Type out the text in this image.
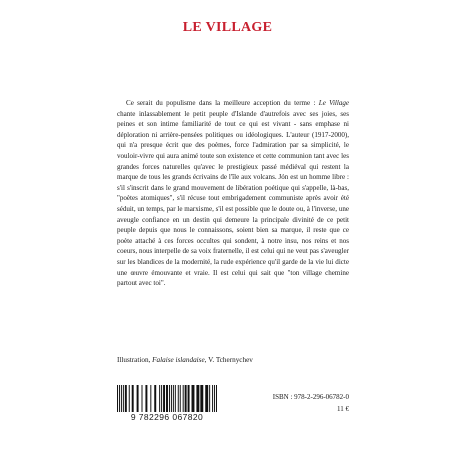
LE VILLAGE

Ce serait du populisme dans la meilleure acception du terme : Le Village chante inlassablement le petit peuple d'Islande d'autrefois avec ses joies, ses peines et son intime familiarité de tout ce qui est vivant - sans emphase ni déploration ni arrière-pensées politiques ou idéologiques. L'auteur (1917-2000), qui n'a presque écrit que des poèmes, force l'admiration par sa simplicité, le vouloir-vivre qui aura animé toute son existence et cette communion tant avec les grandes forces naturelles qu'avec le prestigieux passé médiéval qui restent la marque de tous les grands écrivains de l'île aux volcans. Jón est un homme libre : s'il s'inscrit dans le grand mouvement de libération poétique qui s'appelle, là-bas, "poètes atomiques", s'il récuse tout embrigadement communiste après avoir été séduit, un temps, par le marxisme, s'il est possible que le doute ou, à l'inverse, une aveugle confiance en un destin qui demeure la principale divinité de ce petit peuple depuis que nous le connaissons, soient bien sa marque, il reste que ce poète attaché à ces forces occultes qui sondent, à notre insu, nos reins et nos coeurs, nous interpelle de sa voix fraternelle, il est celui qui ne veut pas s'aveugler sur les blandices de la modernité, la rude expérience qu'il garde de la vie lui dicte une œuvre émouvante et vraie. Il est celui qui sait que "ton village chemine partout avec toi".

Illustration, Falaise islandaise, V. Tchernychev
9 782296 067820
ISBN : 978-2-296-06782-0
11 €
